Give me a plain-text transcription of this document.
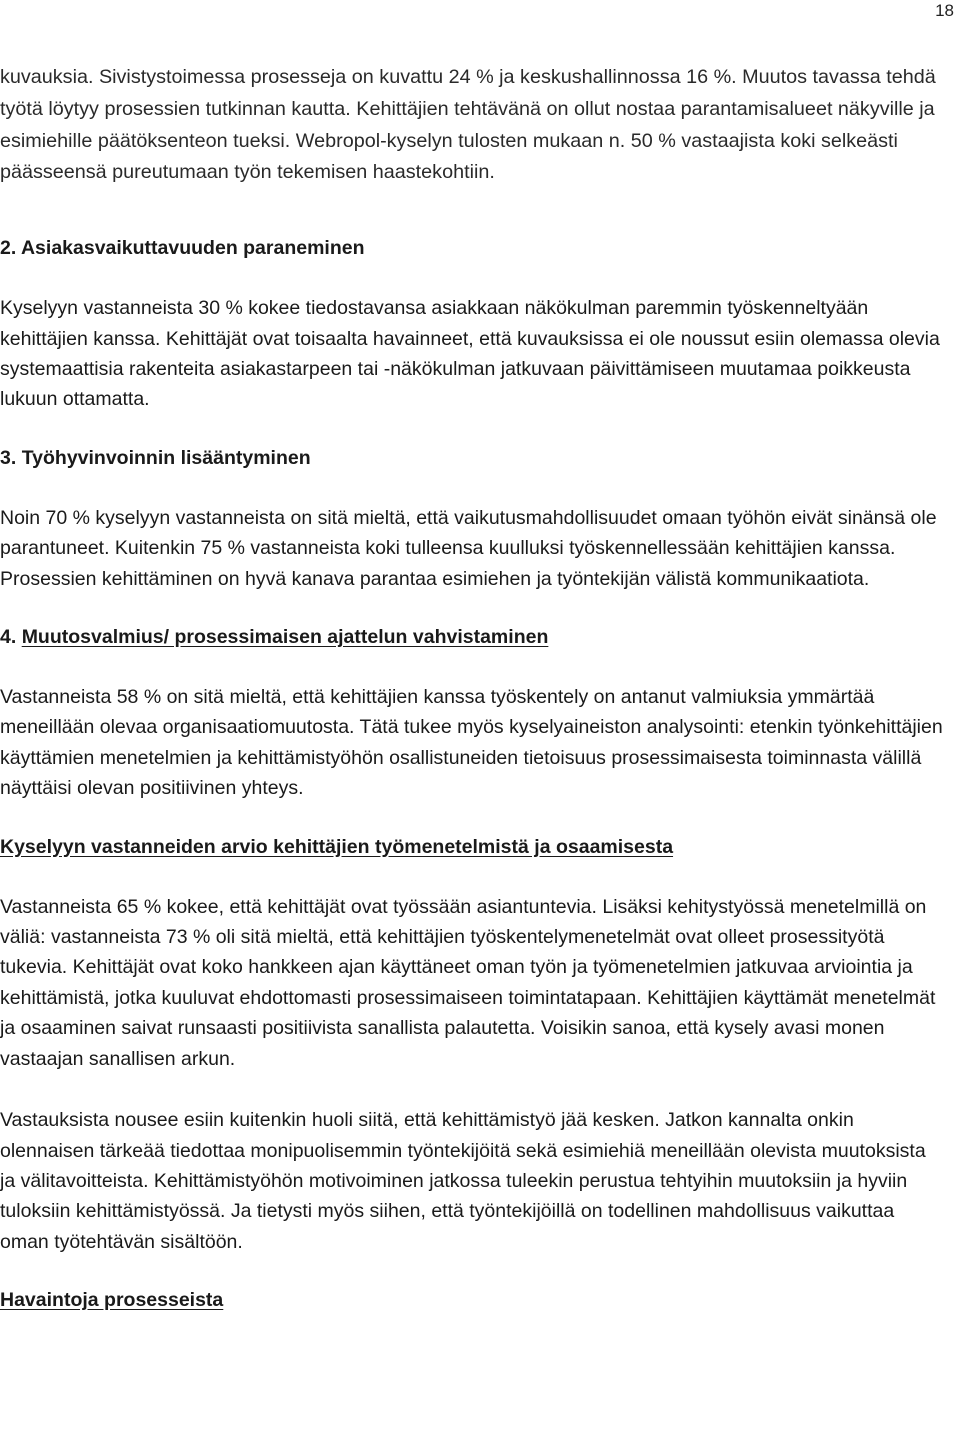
18

kuvauksia. Sivistystoimessa prosesseja on kuvattu 24 % ja keskushallinnossa 16 %. Muutos tavassa tehdä työtä löytyy prosessien tutkinnan kautta. Kehittäjien tehtävänä on ollut nostaa parantamisalueet näkyville ja esimiehille päätöksenteon tueksi. Webropol-kyselyn tulosten mukaan n. 50 % vastaajista koki selkeästi päässeensä pureutumaan työn tekemisen haastekohtiin.

2. Asiakasvaikuttavuuden paraneminen

Kyselyyn vastanneista 30 % kokee tiedostavansa asiakkaan näkökulman paremmin työskenneltyään kehittäjien kanssa. Kehittäjät ovat toisaalta havainneet, että kuvauksissa ei ole noussut esiin olemassa olevia systemaattisia rakenteita asiakastarpeen tai -näkökulman jatkuvaan päivittämiseen muutamaa poikkeusta lukuun ottamatta.

3. Työhyvinvoinnin lisääntyminen

Noin 70 % kyselyyn vastanneista on sitä mieltä, että vaikutusmahdollisuudet omaan työhön eivät sinänsä ole parantuneet. Kuitenkin 75 % vastanneista koki tulleensa kuulluksi työskennellessään kehittäjien kanssa. Prosessien kehittäminen on hyvä kanava parantaa esimiehen ja työntekijän välistä kommunikaatiota.

4. Muutosvalmius/ prosessimaisen ajattelun vahvistaminen

Vastanneista 58 % on sitä mieltä, että kehittäjien kanssa työskentely on antanut valmiuksia ymmärtää meneillään olevaa organisaatiomuutosta. Tätä tukee myös kyselyaineiston analysointi: etenkin työnkehittäjien käyttämien menetelmien ja kehittämistyöhön osallistuneiden tietoisuus prosessimaisesta toiminnasta välillä näyttäisi olevan positiivinen yhteys.

Kyselyyn vastanneiden arvio kehittäjien työmenetelmistä ja osaamisesta

Vastanneista 65 % kokee, että kehittäjät ovat työssään asiantuntevia. Lisäksi kehitystyössä menetelmillä on väliä: vastanneista 73 % oli sitä mieltä, että kehittäjien työskentelymenetelmät ovat olleet prosessityötä tukevia. Kehittäjät ovat koko hankkeen ajan käyttäneet oman työn ja työmenetelmien jatkuvaa arviointia ja kehittämistä, jotka kuuluvat ehdottomasti prosessimaiseen toimintatapaan. Kehittäjien käyttämät menetelmät ja osaaminen saivat runsaasti positiivista sanallista palautetta. Voisikin sanoa, että kysely avasi monen vastaajan sanallisen arkun.

Vastauksista nousee esiin kuitenkin huoli siitä, että kehittämistyö jää kesken. Jatkon kannalta onkin olennaisen tärkeää tiedottaa monipuolisemmin työntekijöitä sekä esimiehiä meneillään olevista muutoksista ja välitavoitteista. Kehittämistyöhön motivoiminen jatkossa tuleekin perustua tehtyihin muutoksiin ja hyviin tuloksiin kehittämistyössä. Ja tietysti myös siihen, että työntekijöillä on todellinen mahdollisuus vaikuttaa oman työtehtävän sisältöön.

Havaintoja prosesseista
